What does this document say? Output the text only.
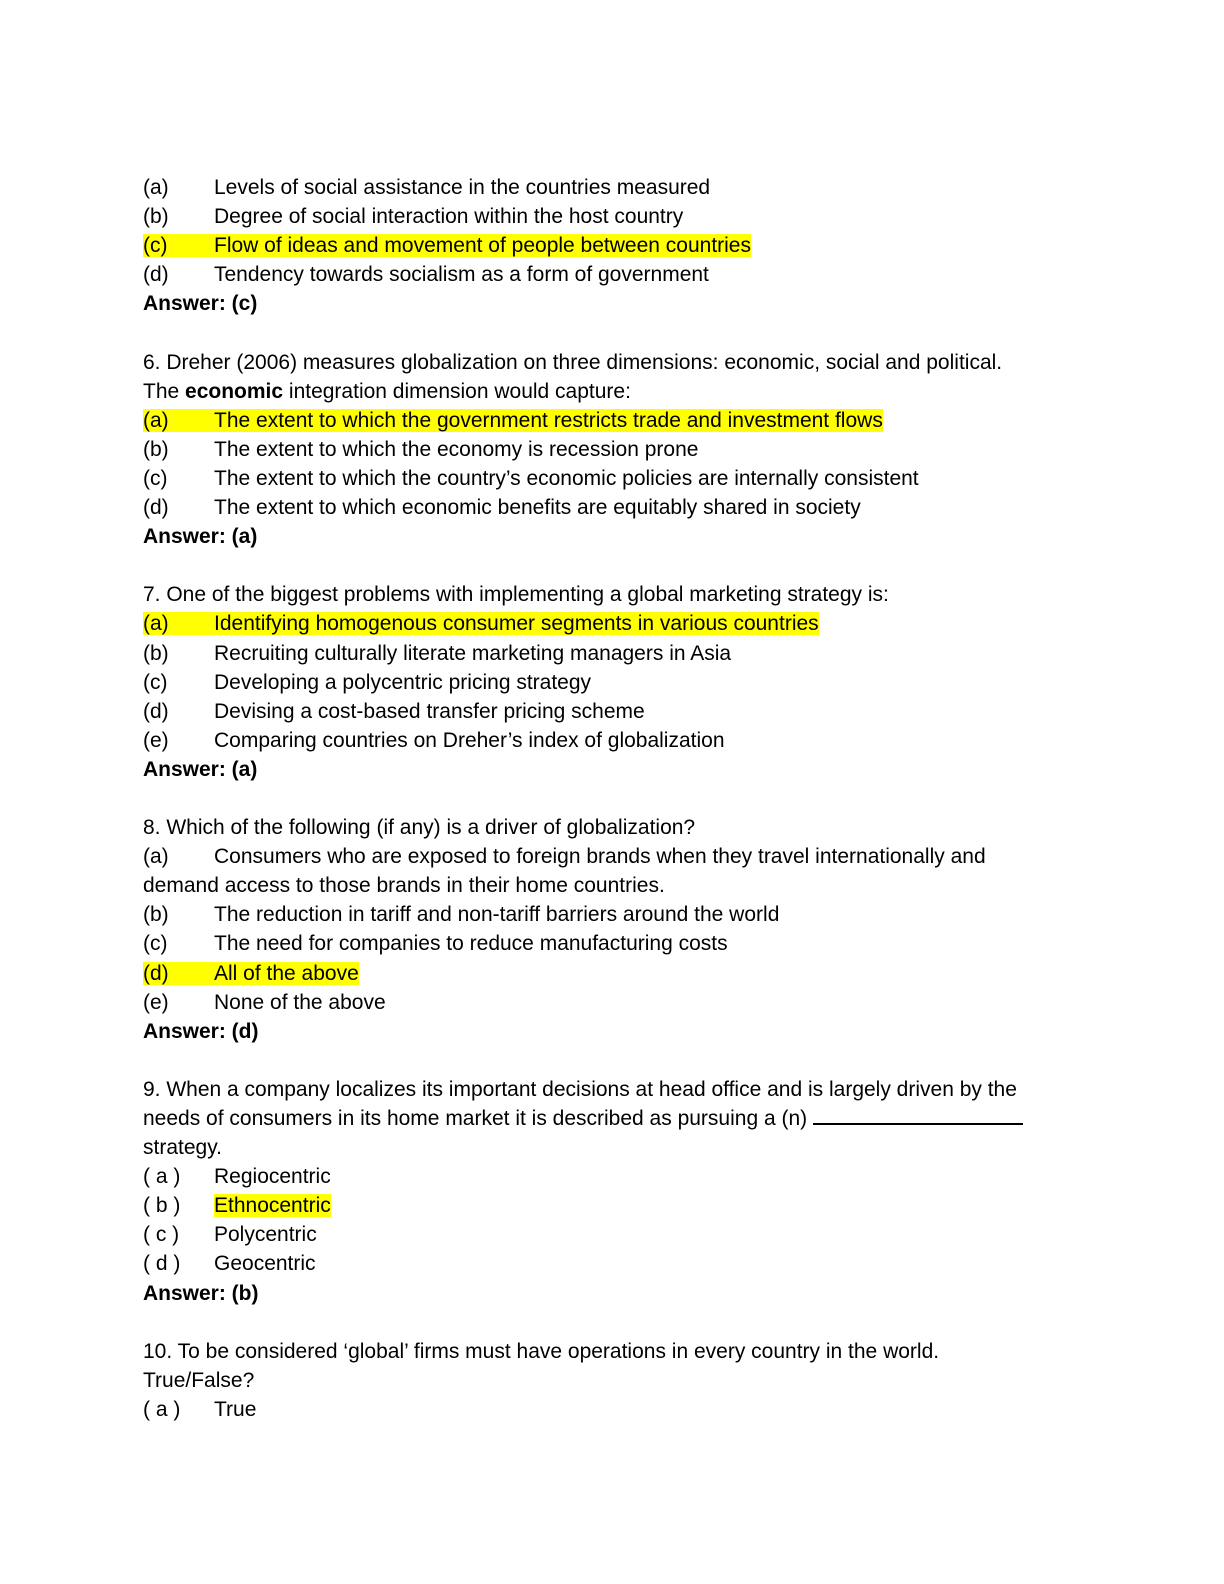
(a) Levels of social assistance in the countries measured
(b) Degree of social interaction within the host country
(c) Flow of ideas and movement of people between countries
(d) Tendency towards socialism as a form of government
Answer: (c)
6. Dreher (2006) measures globalization on three dimensions: economic, social and political.
The economic integration dimension would capture:
(a) The extent to which the government restricts trade and investment flows
(b) The extent to which the economy is recession prone
(c) The extent to which the country’s economic policies are internally consistent
(d) The extent to which economic benefits are equitably shared in society
Answer: (a)
7. One of the biggest problems with implementing a global marketing strategy is:
(a) Identifying homogenous consumer segments in various countries
(b) Recruiting culturally literate marketing managers in Asia
(c) Developing a polycentric pricing strategy
(d) Devising a cost-based transfer pricing scheme
(e) Comparing countries on Dreher’s index of globalization
Answer: (a)
8. Which of the following (if any) is a driver of globalization?
(a) Consumers who are exposed to foreign brands when they travel internationally and
demand access to those brands in their home countries.
(b) The reduction in tariff and non-tariff barriers around the world
(c) The need for companies to reduce manufacturing costs
(d) All of the above
(e) None of the above
Answer: (d)
9. When a company localizes its important decisions at head office and is largely driven by the
needs of consumers in its home market it is described as pursuing a (n)
strategy.
( a ) Regiocentric
( b ) Ethnocentric
( c ) Polycentric
( d ) Geocentric
Answer: (b)
10. To be considered ‘global’ firms must have operations in every country in the world.
True/False?
( a ) True
